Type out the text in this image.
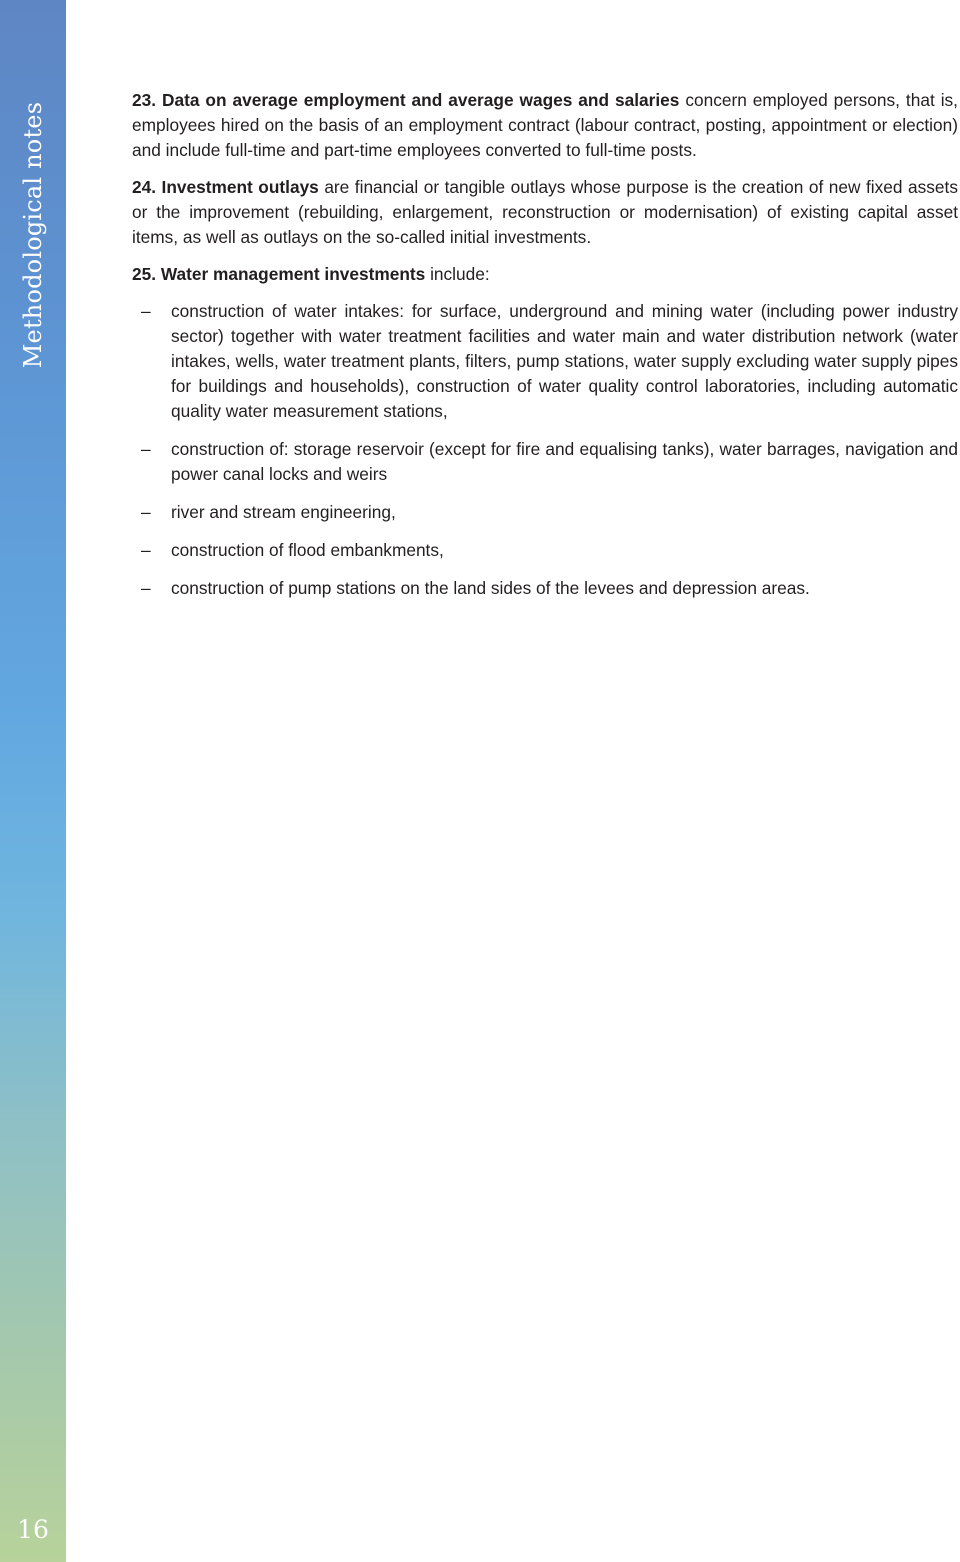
Methodological notes
16

23. Data on average employment and average wages and salaries concern employed persons, that is, employees hired on the basis of an employment contract (labour contract, posting, appointment or election) and include full-time and part-time employees converted to full-time posts.

24. Investment outlays are financial or tangible outlays whose purpose is the creation of new fixed assets or the improvement (rebuilding, enlargement, reconstruction or modernisation) of existing capital asset items, as well as outlays on the so-called initial investments.

25. Water management investments include:

– construction of water intakes: for surface, underground and mining water (including power industry sector) together with water treatment facilities and water main and water distribution network (water intakes, wells, water treatment plants, filters, pump stations, water supply excluding water supply pipes for buildings and households), construction of water quality control laboratories, including automatic quality water measurement stations,
– construction of: storage reservoir (except for fire and equalising tanks), water barrages, navigation and power canal locks and weirs
– river and stream engineering,
– construction of flood embankments,
– construction of pump stations on the land sides of the levees and depression areas.
